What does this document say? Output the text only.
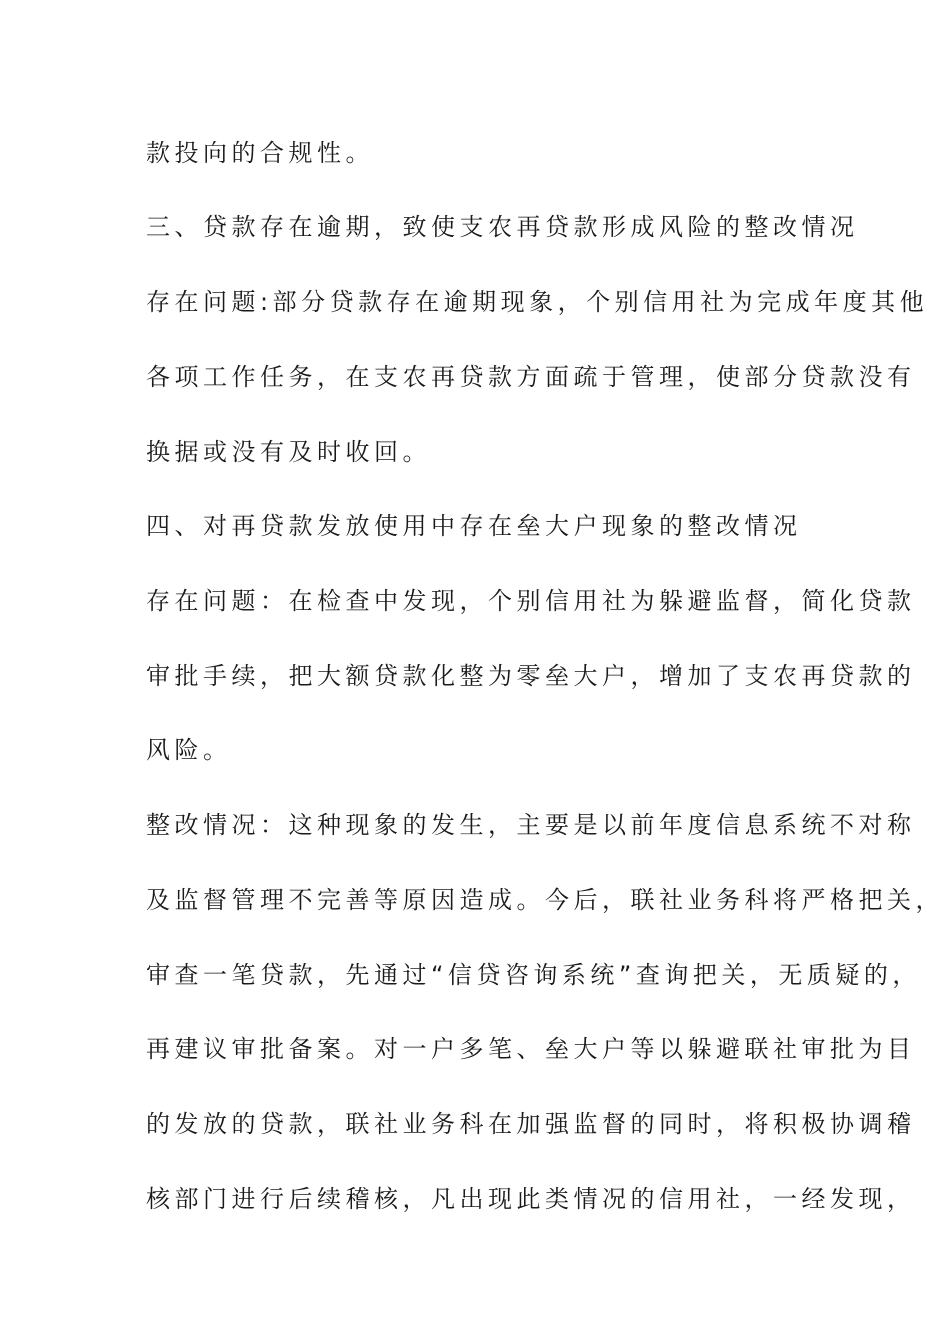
款投向的合规性。

三、贷款存在逾期，致使支农再贷款形成风险的整改情况

存在问题:部分贷款存在逾期现象，个别信用社为完成年度其他

各项工作任务，在支农再贷款方面疏于管理，使部分贷款没有

换据或没有及时收回。

四、对再贷款发放使用中存在垒大户现象的整改情况

存在问题：在检查中发现，个别信用社为躲避监督，简化贷款

审批手续，把大额贷款化整为零垒大户，增加了支农再贷款的

风险。

整改情况：这种现象的发生，主要是以前年度信息系统不对称

及监督管理不完善等原因造成。今后，联社业务科将严格把关，

审查一笔贷款，先通过“信贷咨询系统”查询把关，无质疑的，

再建议审批备案。对一户多笔、垒大户等以躲避联社审批为目

的发放的贷款，联社业务科在加强监督的同时，将积极协调稽

核部门进行后续稽核，凡出现此类情况的信用社，一经发现，
